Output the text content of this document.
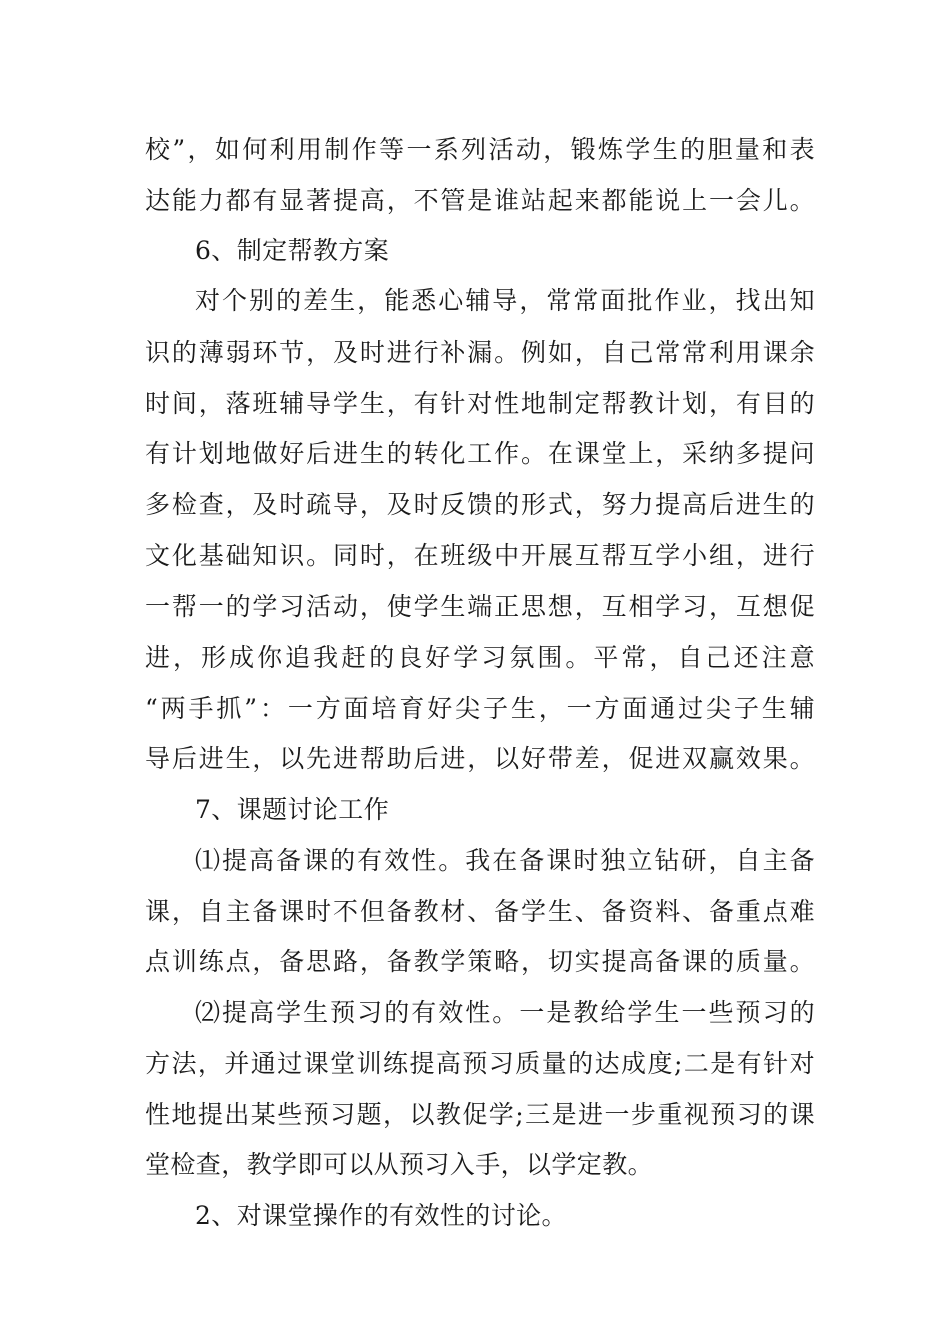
校”，如何利用制作等一系列活动，锻炼学生的胆量和表
达能力都有显著提高，不管是谁站起来都能说上一会儿。
6、制定帮教方案
对个别的差生，能悉心辅导，常常面批作业，找出知
识的薄弱环节，及时进行补漏。例如，自己常常利用课余
时间，落班辅导学生，有针对性地制定帮教计划，有目的
有计划地做好后进生的转化工作。在课堂上，采纳多提问
多检查，及时疏导，及时反馈的形式，努力提高后进生的
文化基础知识。同时，在班级中开展互帮互学小组，进行
一帮一的学习活动，使学生端正思想，互相学习，互想促
进，形成你追我赶的良好学习氛围。平常，自己还注意
“两手抓”：一方面培育好尖子生，一方面通过尖子生辅
导后进生，以先进帮助后进，以好带差，促进双赢效果。
7、课题讨论工作
⑴提高备课的有效性。我在备课时独立钻研，自主备
课，自主备课时不但备教材、备学生、备资料、备重点难
点训练点，备思路，备教学策略，切实提高备课的质量。
⑵提高学生预习的有效性。一是教给学生一些预习的
方法，并通过课堂训练提高预习质量的达成度;二是有针对
性地提出某些预习题，以教促学;三是进一步重视预习的课
堂检查，教学即可以从预习入手，以学定教。
2、对课堂操作的有效性的讨论。
